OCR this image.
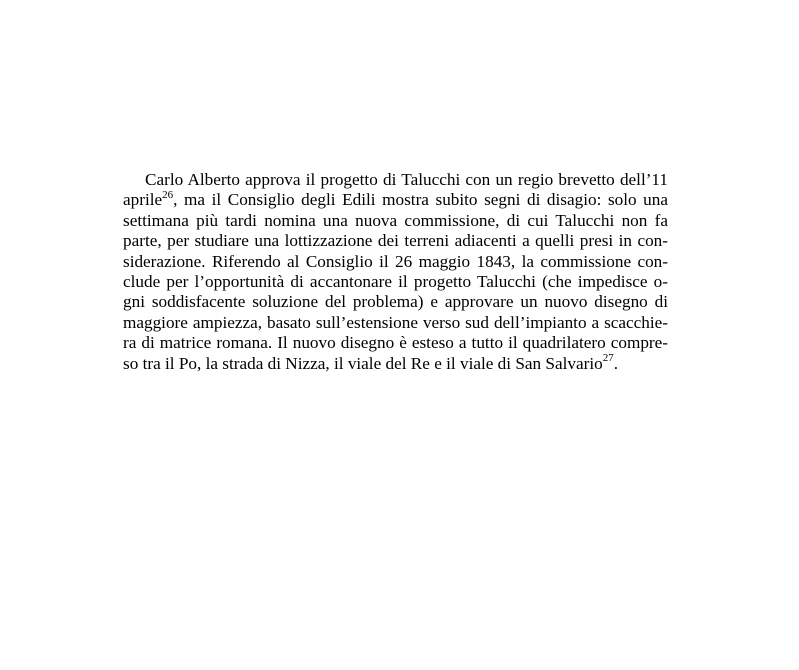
Carlo Alberto approva il progetto di Talucchi con un regio brevetto dell’11
aprile$^{26}$, ma il Consiglio degli Edili mostra subito segni di disagio: solo una
settimana più tardi nomina una nuova commissione, di cui Talucchi non fa
parte, per studiare una lottizzazione dei terreni adiacenti a quelli presi in con-
siderazione. Riferendo al Consiglio il 26 maggio 1843, la commissione con-
clude per l’opportunità di accantonare il progetto Talucchi (che impedisce o-
gni soddisfacente soluzione del problema) e approvare un nuovo disegno di
maggiore ampiezza, basato sull’estensione verso sud dell’impianto a scacchie-
ra di matrice romana. Il nuovo disegno è esteso a tutto il quadrilatero compre-
so tra il Po, la strada di Nizza, il viale del Re e il viale di San Salvario$^{27}$.
